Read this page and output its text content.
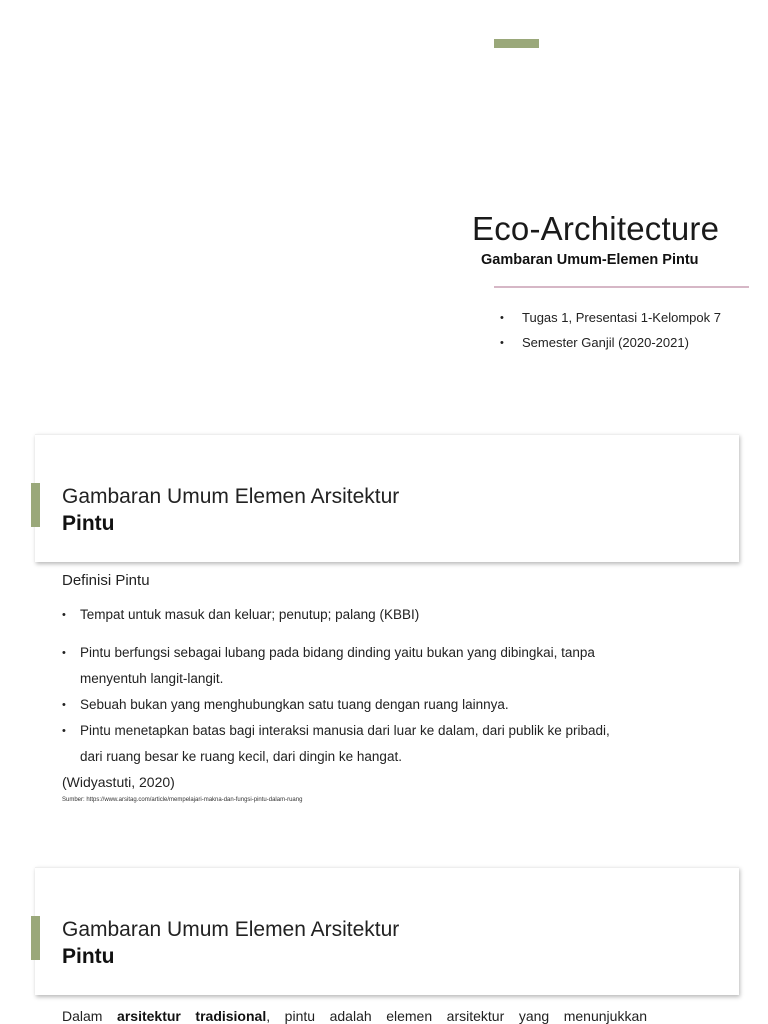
Eco-Architecture
Gambaran Umum-Elemen Pintu
• Tugas 1, Presentasi 1-Kelompok 7
• Semester Ganjil (2020-2021)
Gambaran Umum Elemen Arsitektur
Pintu
Definisi Pintu
• Tempat untuk masuk dan keluar; penutup; palang (KBBI)
• Pintu berfungsi sebagai lubang pada bidang dinding yaitu bukan yang dibingkai, tanpa menyentuh langit-langit.
• Sebuah bukan yang menghubungkan satu tuang dengan ruang lainnya.
• Pintu menetapkan batas bagi interaksi manusia dari luar ke dalam, dari publik ke pribadi, dari ruang besar ke ruang kecil, dari dingin ke hangat.
(Widyastuti, 2020)
Sumber: https://www.arsitag.com/article/mempelajari-makna-dan-fungsi-pintu-dalam-ruang
Gambaran Umum Elemen Arsitektur
Pintu
Dalam arsitektur tradisional, pintu adalah elemen arsitektur yang menunjukkan
